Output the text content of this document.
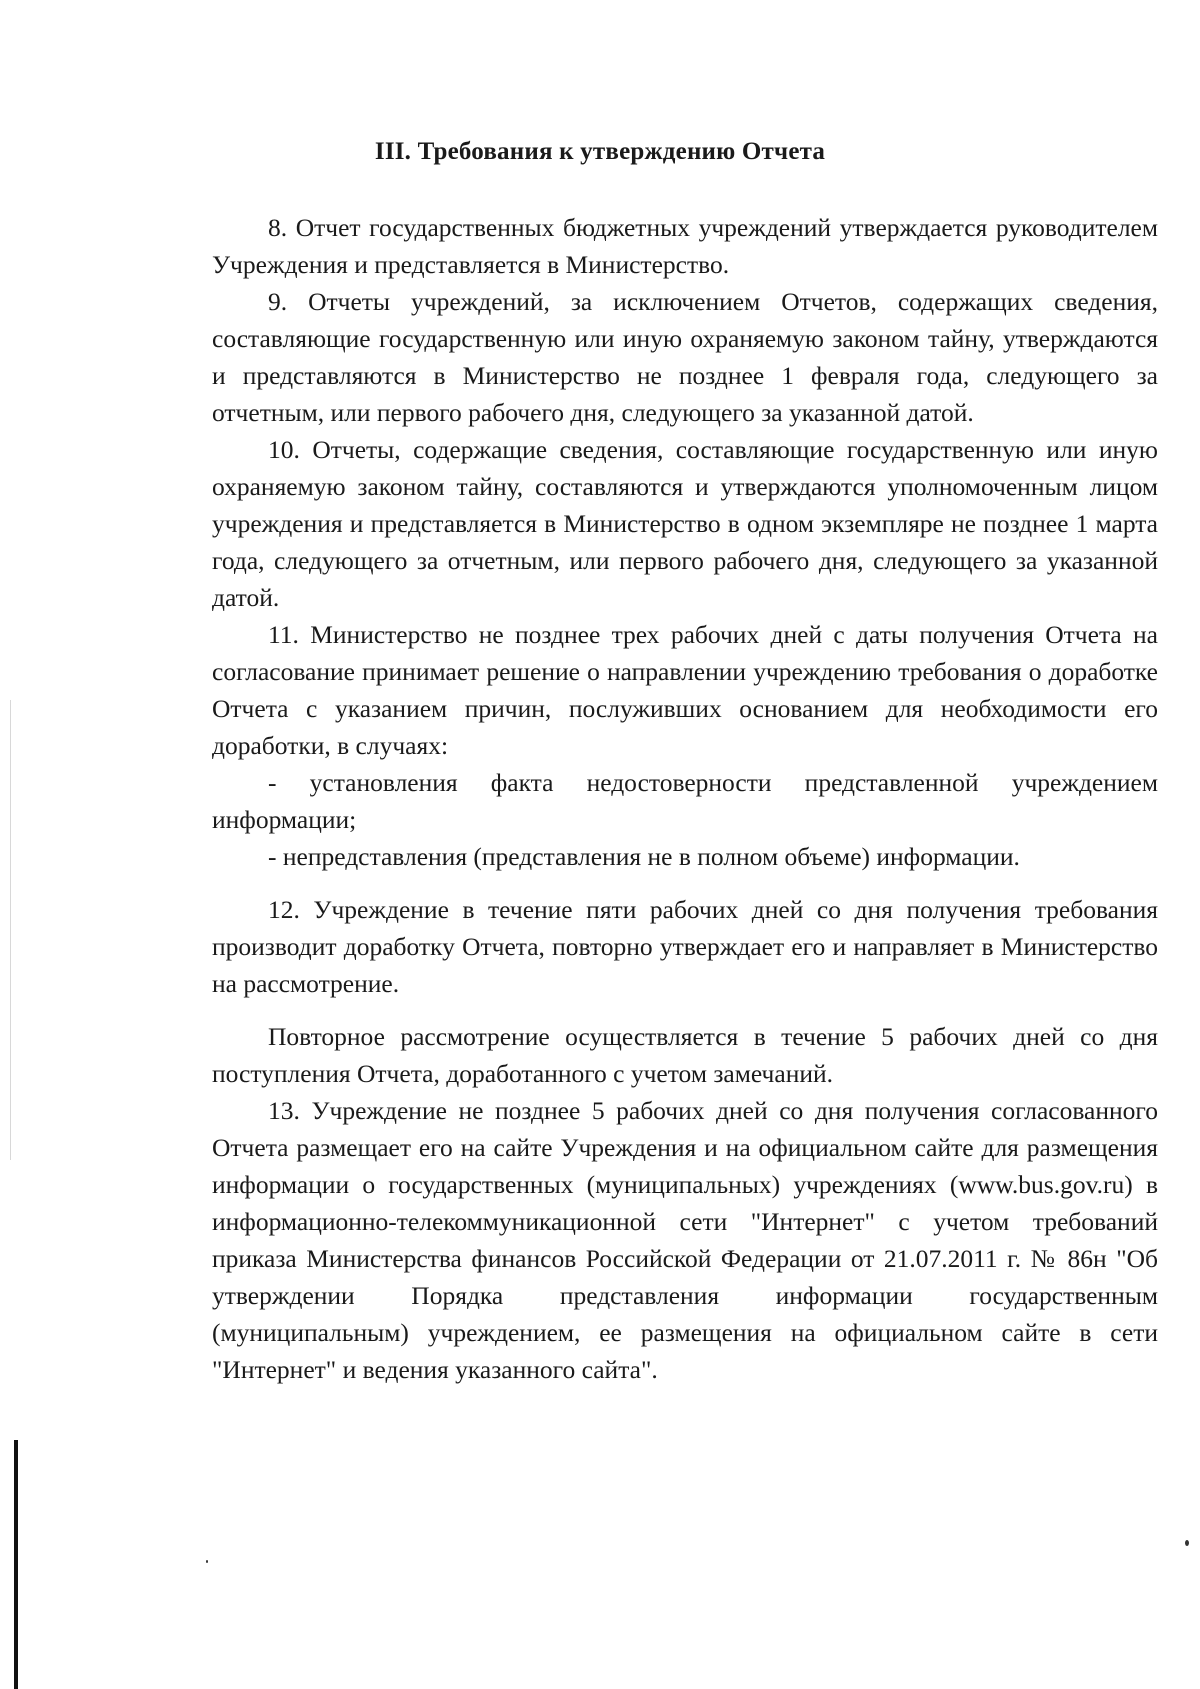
III. Требования к утверждению Отчета

8. Отчет государственных бюджетных учреждений утверждается руководителем Учреждения и представляется в Министерство.

9. Отчеты учреждений, за исключением Отчетов, содержащих сведения, составляющие государственную или иную охраняемую законом тайну, утверждаются и представляются в Министерство не позднее 1 февраля года, следующего за отчетным, или первого рабочего дня, следующего за указанной датой.

10. Отчеты, содержащие сведения, составляющие государственную или иную охраняемую законом тайну, составляются и утверждаются уполномоченным лицом учреждения и представляется в Министерство в одном экземпляре не позднее 1 марта года, следующего за отчетным, или первого рабочего дня, следующего за указанной датой.

11. Министерство не позднее трех рабочих дней с даты получения Отчета на согласование принимает решение о направлении учреждению требования о доработке Отчета с указанием причин, послуживших основанием для необходимости его доработки, в случаях:

- установления факта недостоверности представленной учреждением информации;

- непредставления (представления не в полном объеме) информации.

12. Учреждение в течение пяти рабочих дней со дня получения требования производит доработку Отчета, повторно утверждает его и направляет в Министерство на рассмотрение.

Повторное рассмотрение осуществляется в течение 5 рабочих дней со дня поступления Отчета, доработанного с учетом замечаний.

13. Учреждение не позднее 5 рабочих дней со дня получения согласованного Отчета размещает его на сайте Учреждения и на официальном сайте для размещения информации о государственных (муниципальных) учреждениях (www.bus.gov.ru) в информационно-телекоммуникационной сети "Интернет" с учетом требований приказа Министерства финансов Российской Федерации от 21.07.2011 г. № 86н "Об утверждении Порядка представления информации государственным (муниципальным) учреждением, ее размещения на официальном сайте в сети "Интернет" и ведения указанного сайта".
